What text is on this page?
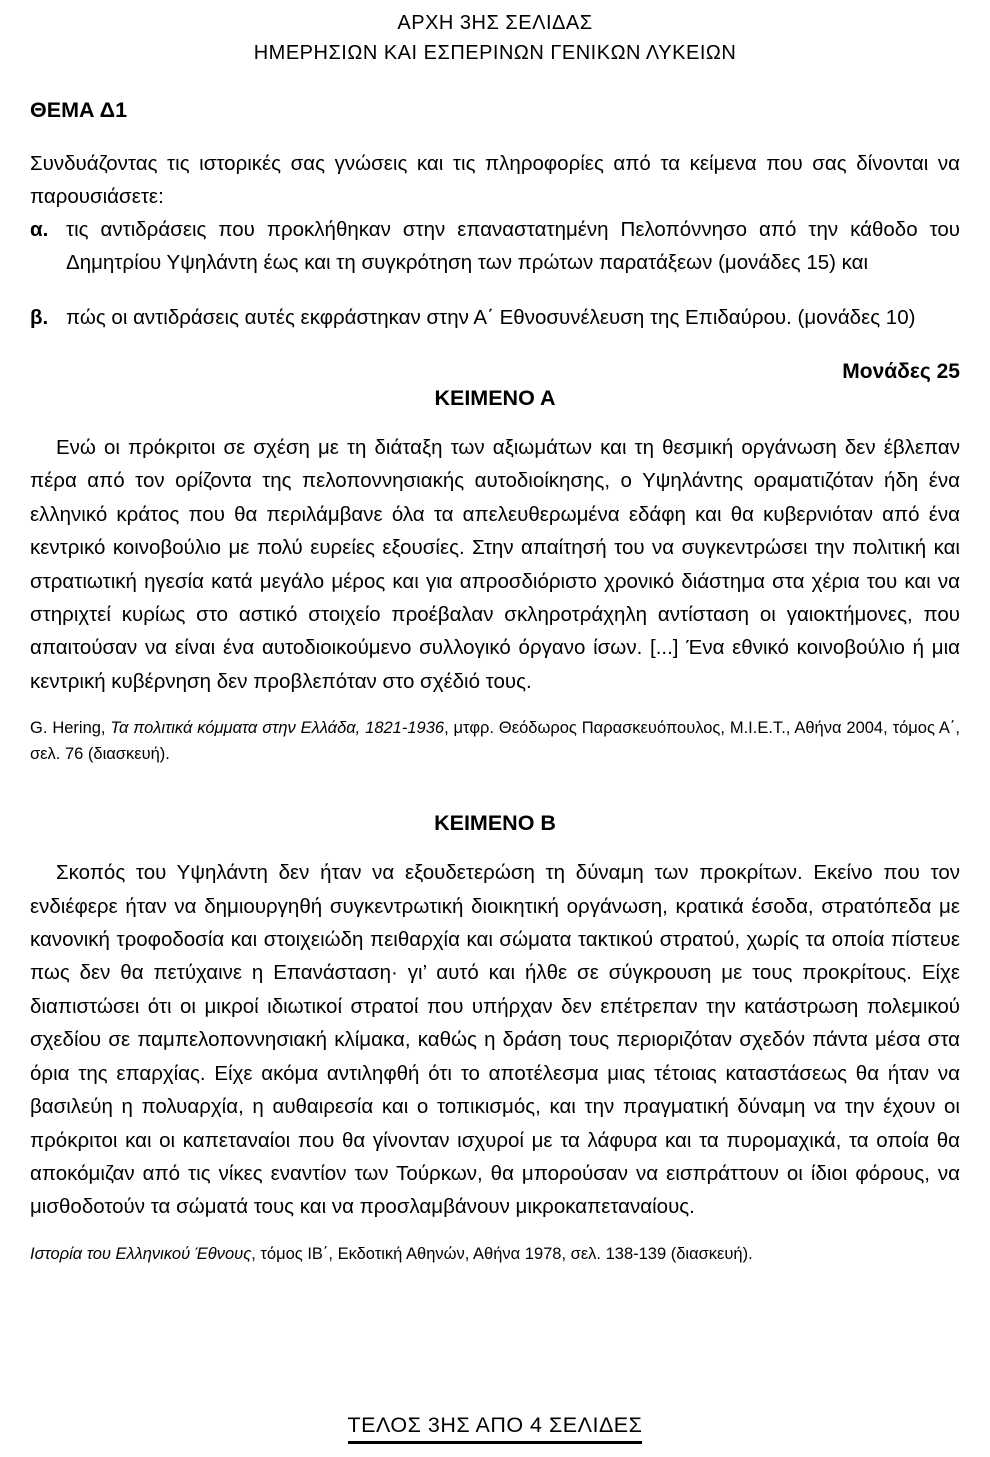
ΑΡΧΗ 3ΗΣ ΣΕΛΙΔΑΣ
ΗΜΕΡΗΣΙΩΝ ΚΑΙ ΕΣΠΕΡΙΝΩΝ ΓΕΝΙΚΩΝ ΛΥΚΕΙΩΝ
ΘΕΜΑ Δ1
Συνδυάζοντας τις ιστορικές σας γνώσεις και τις πληροφορίες από τα κείμενα που σας δίνονται να παρουσιάσετε:
α. τις αντιδράσεις που προκλήθηκαν στην επαναστατημένη Πελοπόννησο από την κάθοδο του Δημητρίου Υψηλάντη έως και τη συγκρότηση των πρώτων παρατάξεων (μονάδες 15) και
β. πώς οι αντιδράσεις αυτές εκφράστηκαν στην Α΄ Εθνοσυνέλευση της Επιδαύρου. (μονάδες 10)
Μονάδες 25
ΚΕΙΜΕΝΟ Α
Ενώ οι πρόκριτοι σε σχέση με τη διάταξη των αξιωμάτων και τη θεσμική οργάνωση δεν έβλεπαν πέρα από τον ορίζοντα της πελοποννησιακής αυτοδιοίκησης, ο Υψηλάντης οραματιζόταν ήδη ένα ελληνικό κράτος που θα περιλάμβανε όλα τα απελευθερωμένα εδάφη και θα κυβερνιόταν από ένα κεντρικό κοινοβούλιο με πολύ ευρείες εξουσίες. Στην απαίτησή του να συγκεντρώσει την πολιτική και στρατιωτική ηγεσία κατά μεγάλο μέρος και για απροσδιόριστο χρονικό διάστημα στα χέρια του και να στηριχτεί κυρίως στο αστικό στοιχείο προέβαλαν σκληροτράχηλη αντίσταση οι γαιοκτήμονες, που απαιτούσαν να είναι ένα αυτοδιοικούμενο συλλογικό όργανο ίσων. [...] Ένα εθνικό κοινοβούλιο ή μια κεντρική κυβέρνηση δεν προβλεπόταν στο σχέδιό τους.
G. Hering, Τα πολιτικά κόμματα στην Ελλάδα, 1821-1936, μτφρ. Θεόδωρος Παρασκευόπουλος, Μ.Ι.Ε.Τ., Αθήνα 2004, τόμος Α΄, σελ. 76 (διασκευή).
ΚΕΙΜΕΝΟ Β
Σκοπός του Υψηλάντη δεν ήταν να εξουδετερώση τη δύναμη των προκρίτων. Εκείνο που τον ενδιέφερε ήταν να δημιουργηθή συγκεντρωτική διοικητική οργάνωση, κρατικά έσοδα, στρατόπεδα με κανονική τροφοδοσία και στοιχειώδη πειθαρχία και σώματα τακτικού στρατού, χωρίς τα οποία πίστευε πως δεν θα πετύχαινε η Επανάσταση· γι’ αυτό και ήλθε σε σύγκρουση με τους προκρίτους. Είχε διαπιστώσει ότι οι μικροί ιδιωτικοί στρατοί που υπήρχαν δεν επέτρεπαν την κατάστρωση πολεμικού σχεδίου σε παμπελοποννησιακή κλίμακα, καθώς η δράση τους περιοριζόταν σχεδόν πάντα μέσα στα όρια της επαρχίας. Είχε ακόμα αντιληφθή ότι το αποτέλεσμα μιας τέτοιας καταστάσεως θα ήταν να βασιλεύη η πολυαρχία, η αυθαιρεσία και ο τοπικισμός, και την πραγματική δύναμη να την έχουν οι πρόκριτοι και οι καπεταναίοι που θα γίνονταν ισχυροί με τα λάφυρα και τα πυρομαχικά, τα οποία θα αποκόμιζαν από τις νίκες εναντίον των Τούρκων, θα μπορούσαν να εισπράττουν οι ίδιοι φόρους, να μισθοδοτούν τα σώματά τους και να προσλαμβάνουν μικροκαπεταναίους.
Ιστορία του Ελληνικού Έθνους, τόμος ΙΒ΄, Εκδοτική Αθηνών, Αθήνα 1978, σελ. 138-139 (διασκευή).
ΤΕΛΟΣ 3ΗΣ ΑΠΟ 4 ΣΕΛΙΔΕΣ
